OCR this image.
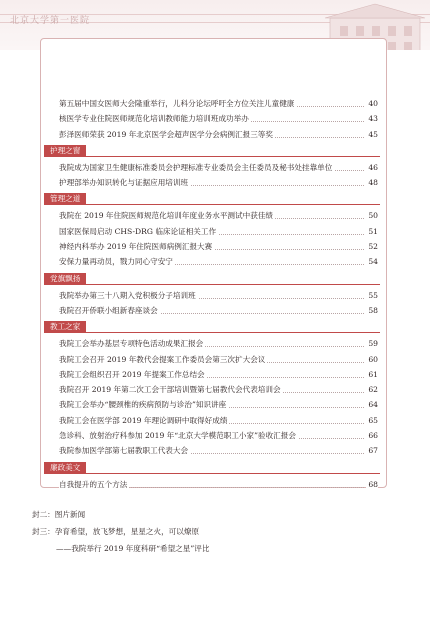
北京大学第一医院
第五届中国女医师大会隆重举行，儿科分论坛呼吁全方位关注儿童健康	40
核医学专业住院医师规范化培训教师能力培训班成功举办	43
彭泽医师荣获 2019 年北京医学会超声医学分会病例汇报三等奖	45
护理之窗
我院成为国家卫生健康标准委员会护理标准专业委员会主任委员及秘书处挂靠单位	46
护理部举办知识转化与证据应用培训班	48
管理之道
我院在 2019 年住院医师规范化培训年度业务水平测试中获佳绩	50
国家医保局启动 CHS-DRG 临床论证相关工作	51
神经内科举办 2019 年住院医师病例汇报大赛	52
安保力量再动员，戮力同心守安宁	54
党旗飘扬
我院举办第三十八期入党积极分子培训班	55
我院召开侨联小组新春座谈会	58
教工之家
我院工会举办基层专项特色活动成果汇报会	59
我院工会召开 2019 年教代会提案工作委员会第三次扩大会议	60
我院工会组织召开 2019 年提案工作总结会	61
我院召开 2019 年第二次工会干部培训暨第七届教代会代表培训会	62
我院工会举办“腰颈椎的疾病预防与诊治”知识讲座	64
我院工会在医学部 2019 年理论调研中取得好成绩	65
急诊科、放射治疗科参加 2019 年“北京大学模范职工小家”验收汇报会	66
我院参加医学部第七届教职工代表大会	67
廉政美文
自我提升的五个方法	68
封二：图片新闻
封三：孕育希望，放飞梦想，星星之火，可以燎原
——我院举行 2019 年度科研“希望之星”评比
